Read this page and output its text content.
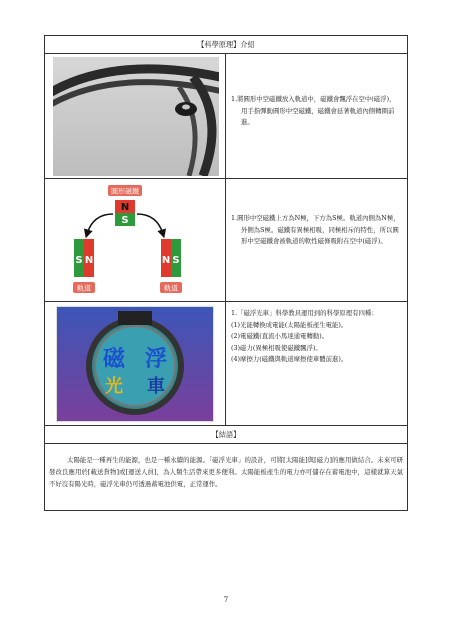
【科學原理】介紹
1.將圓形中空磁鐵放入軌道中，磁鐵會飄浮在空中(磁浮)，用手指彈動圓形中空磁鐵，磁鐵會延著軌道內側轉圈前進。
圓形磁鐵
N
S
S N	N S
軌道	軌道
1.圓形中空磁鐵上方為N極，下方為S極。軌道內側為N極，外側為S極。磁鐵有異極相吸，同極相斥的特性，所以圓形中空磁鐵會被軌道的軟性磁條吸附在空中(磁浮)。
磁 浮
光 車
1.「磁浮光車」科學教具運用到的科學原理有四種：
(1)光能轉換成電能(太陽能板產生電能)。
(2)電磁鐵(直流小馬達通電轉動)。
(3)磁力(異極相吸使磁鐵飄浮)。
(4)摩擦力(磁鐵與軌道摩擦使車體前進)。
【結語】
太陽能是一種再生的能源，也是一種永續的能源。「磁浮光車」的設計，可將[太陽能]與[磁力]的應用做結合。未來可研發改良應用於[載送貨物]或[運送人員]，為人類生活帶來更多便利。太陽能板產生的電力亦可儲存在蓄電池中，這樣就算天氣不好沒有陽光時，磁浮光車仍可透過蓄電池供電，正常運作。
7
